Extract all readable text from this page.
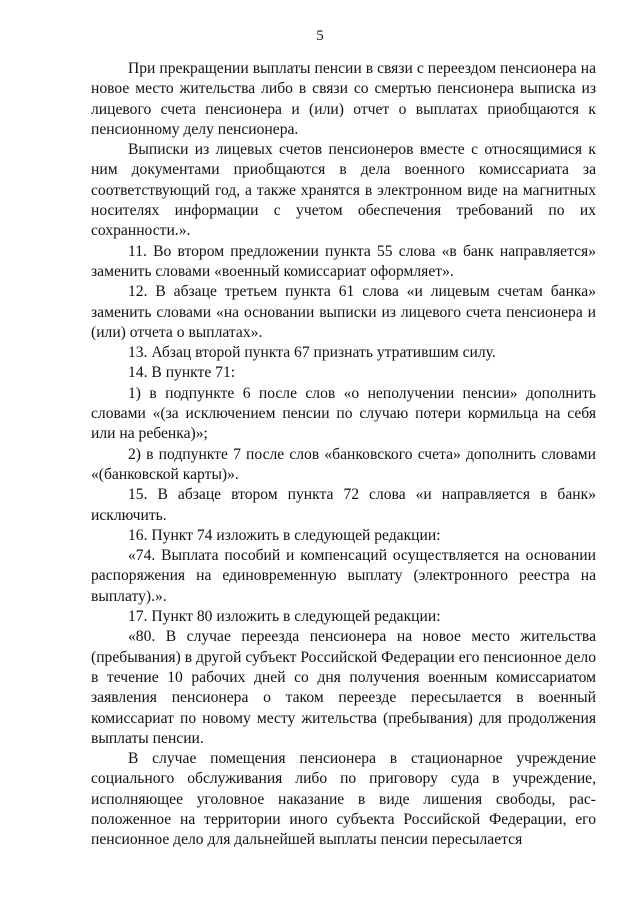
5

При прекращении выплаты пенсии в связи с переездом пенсионера на новое место жительства либо в связи со смертью пенсионера выписка из лицевого счета пенсионера и (или) отчет о выплатах приобщаются к пенсионному делу пенсионера.

Выписки из лицевых счетов пенсионеров вместе с относящимися к ним документами приобщаются в дела военного комиссариата за соответствующий год, а также хранятся в электронном виде на магнитных носителях информации с учетом обеспечения требований по их сохранности.».

11. Во втором предложении пункта 55 слова «в банк направляется» заменить словами «военный комиссариат оформляет».

12. В абзаце третьем пункта 61 слова «и лицевым счетам банка» заменить словами «на основании выписки из лицевого счета пенсионера и (или) отчета о выплатах».

13. Абзац второй пункта 67 признать утратившим силу.

14. В пункте 71:

1) в подпункте 6 после слов «о неполучении пенсии» дополнить словами «(за исключением пенсии по случаю потери кормильца на себя или на ребенка)»;

2) в подпункте 7 после слов «банковского счета» дополнить словами «(банковской карты)».

15. В абзаце втором пункта 72 слова «и направляется в банк» исключить.

16. Пункт 74 изложить в следующей редакции:

«74. Выплата пособий и компенсаций осуществляется на основании распоряжения на единовременную выплату (электронного реестра на выплату).».

17. Пункт 80 изложить в следующей редакции:

«80. В случае переезда пенсионера на новое место жительства (пребывания) в другой субъект Российской Федерации его пенсионное дело в течение 10 рабочих дней со дня получения военным комиссариатом заявления пенсионера о таком переезде пересылается в военный комиссариат по новому месту жительства (пребывания) для продолжения выплаты пенсии.

В случае помещения пенсионера в стационарное учреждение социального обслуживания либо по приговору суда в учреждение, исполняющее уголовное наказание в виде лишения свободы, расположенное на территории иного субъекта Российской Федерации, его пенсионное дело для дальнейшей выплаты пенсии пересылается
